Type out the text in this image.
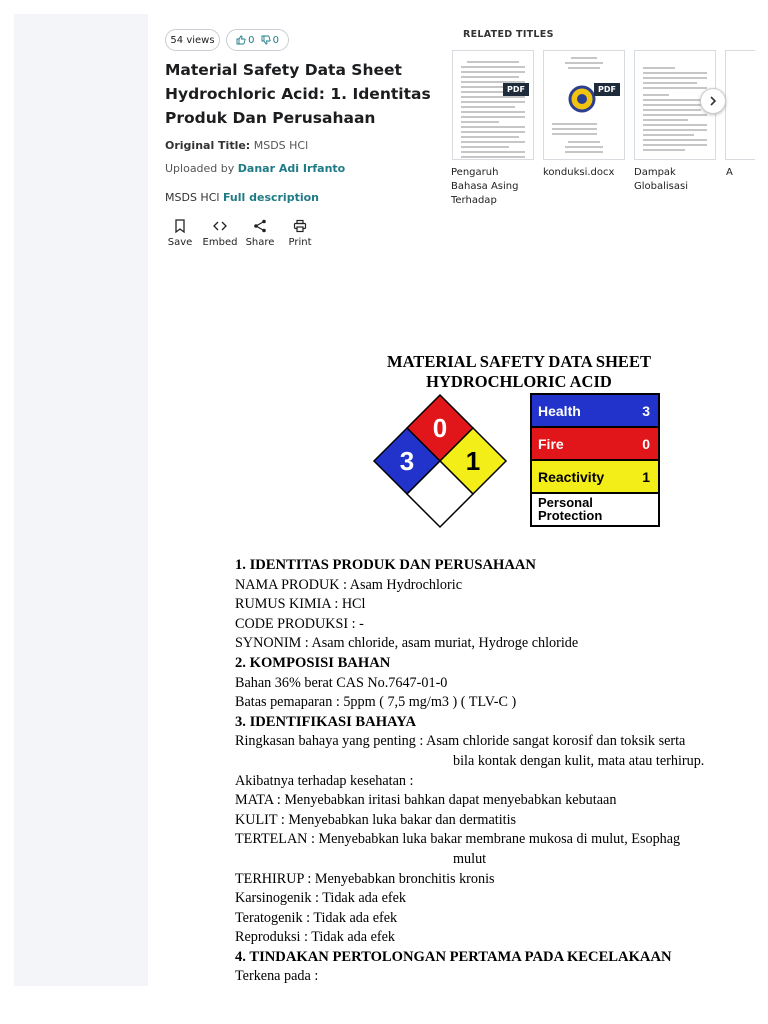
54 views	0 0
Material Safety Data Sheet Hydrochloric Acid: 1. Identitas Produk Dan Perusahaan
Original Title: MSDS HCl
Uploaded by Danar Adi Irfanto
MSDS HCl Full description
Save Embed Share Print
RELATED TITLES
PDF	PDF
Pengaruh Bahasa Asing Terhadap
konduksi.docx	Dampak Globalisasi
A
MATERIAL SAFETY DATA SHEET
HYDROCHLORIC ACID
0
3 1
Health	3
Fire	0
Reactivity	1
Personal
Protection
1. IDENTITAS PRODUK DAN PERUSAHAAN
NAMA PRODUK : Asam Hydrochloric
RUMUS KIMIA : HCl
CODE PRODUKSI : -
SYNONIM : Asam chloride, asam muriat, Hydroge chloride
2. KOMPOSISI BAHAN
Bahan 36% berat CAS No.7647-01-0
Batas pemaparan : 5ppm ( 7,5 mg/m3 ) ( TLV-C )
3. IDENTIFIKASI BAHAYA
Ringkasan bahaya yang penting : Asam chloride sangat korosif dan toksik serta
bila kontak dengan kulit, mata atau terhirup.
Akibatnya terhadap kesehatan :
MATA : Menyebabkan iritasi bahkan dapat menyebabkan kebutaan
KULIT : Menyebabkan luka bakar dan dermatitis
TERTELAN : Menyebabkan luka bakar membrane mukosa di mulut, Esophag
mulut
TERHIRUP : Menyebabkan bronchitis kronis
Karsinogenik : Tidak ada efek
Teratogenik : Tidak ada efek
Reproduksi : Tidak ada efek
4. TINDAKAN PERTOLONGAN PERTAMA PADA KECELAKAAN
Terkena pada :
